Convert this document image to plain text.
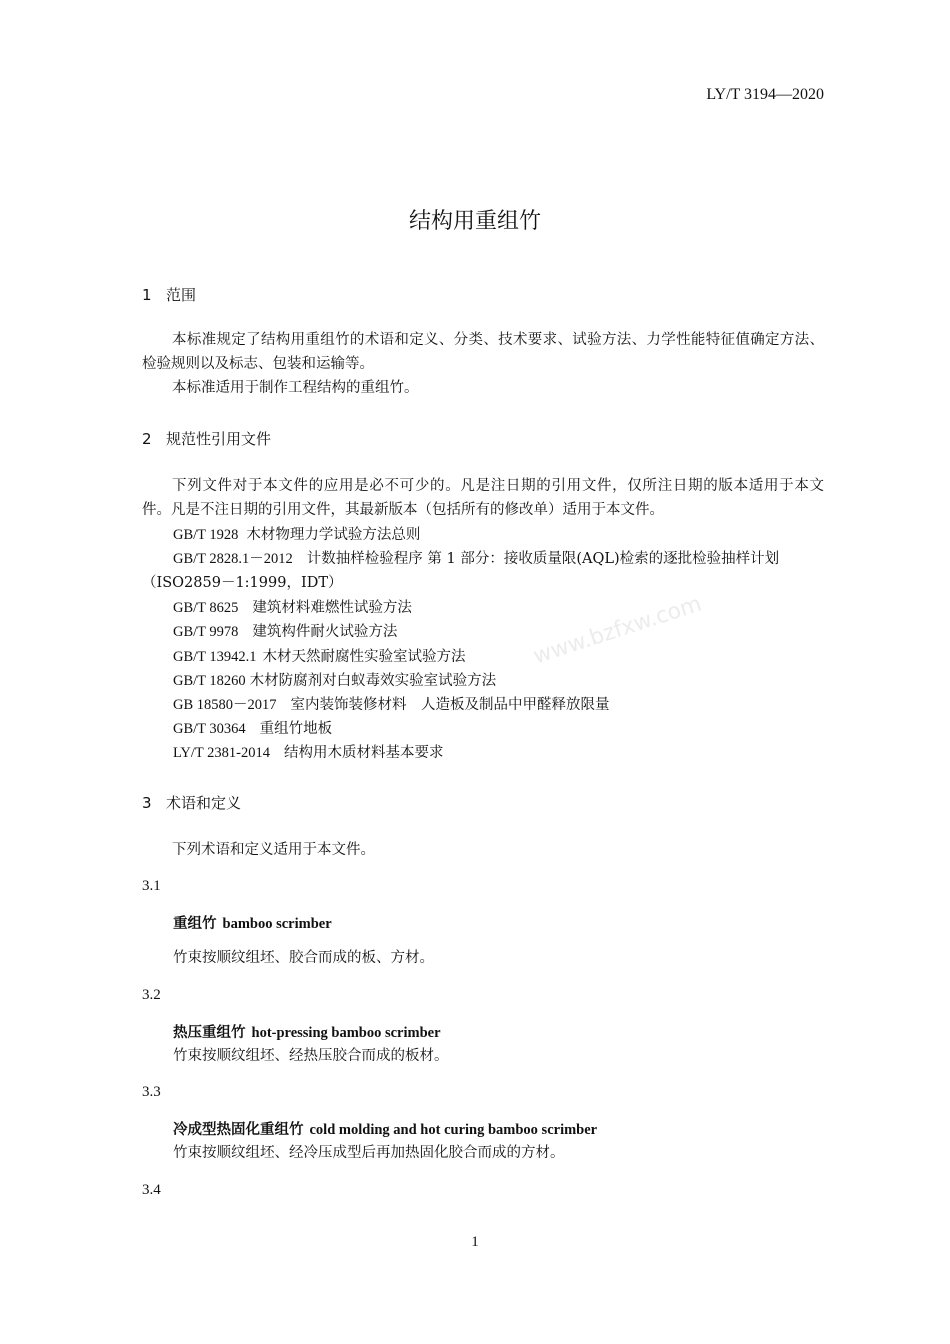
www.bzfxw.com
LY/T 3194—2020
结构用重组竹
1 范围
本标准规定了结构用重组竹的术语和定义、分类、技术要求、试验方法、力学性能特征值确定方法、检验规则以及标志、包装和运输等。
本标准适用于制作工程结构的重组竹。
2 规范性引用文件
下列文件对于本文件的应用是必不可少的。凡是注日期的引用文件，仅所注日期的版本适用于本文件。凡是不注日期的引用文件，其最新版本（包括所有的修改单）适用于本文件。
GB/T 1928 木材物理力学试验方法总则
GB/T 2828.1－2012 计数抽样检验程序 第 1 部分：接收质量限(AQL)检索的逐批检验抽样计划（ISO2859－1:1999，IDT）
GB/T 8625 建筑材料难燃性试验方法
GB/T 9978 建筑构件耐火试验方法
GB/T 13942.1 木材天然耐腐性实验室试验方法
GB/T 18260 木材防腐剂对白蚁毒效实验室试验方法
GB 18580－2017 室内装饰装修材料　人造板及制品中甲醛释放限量
GB/T 30364 重组竹地板
LY/T 2381-2014 结构用木质材料基本要求
3 术语和定义
下列术语和定义适用于本文件。
3.1
重组竹 bamboo scrimber
竹束按顺纹组坯、胶合而成的板、方材。
3.2
热压重组竹 hot-pressing bamboo scrimber
竹束按顺纹组坯、经热压胶合而成的板材。
3.3
冷成型热固化重组竹 cold molding and hot curing bamboo scrimber
竹束按顺纹组坯、经冷压成型后再加热固化胶合而成的方材。
3.4
1
